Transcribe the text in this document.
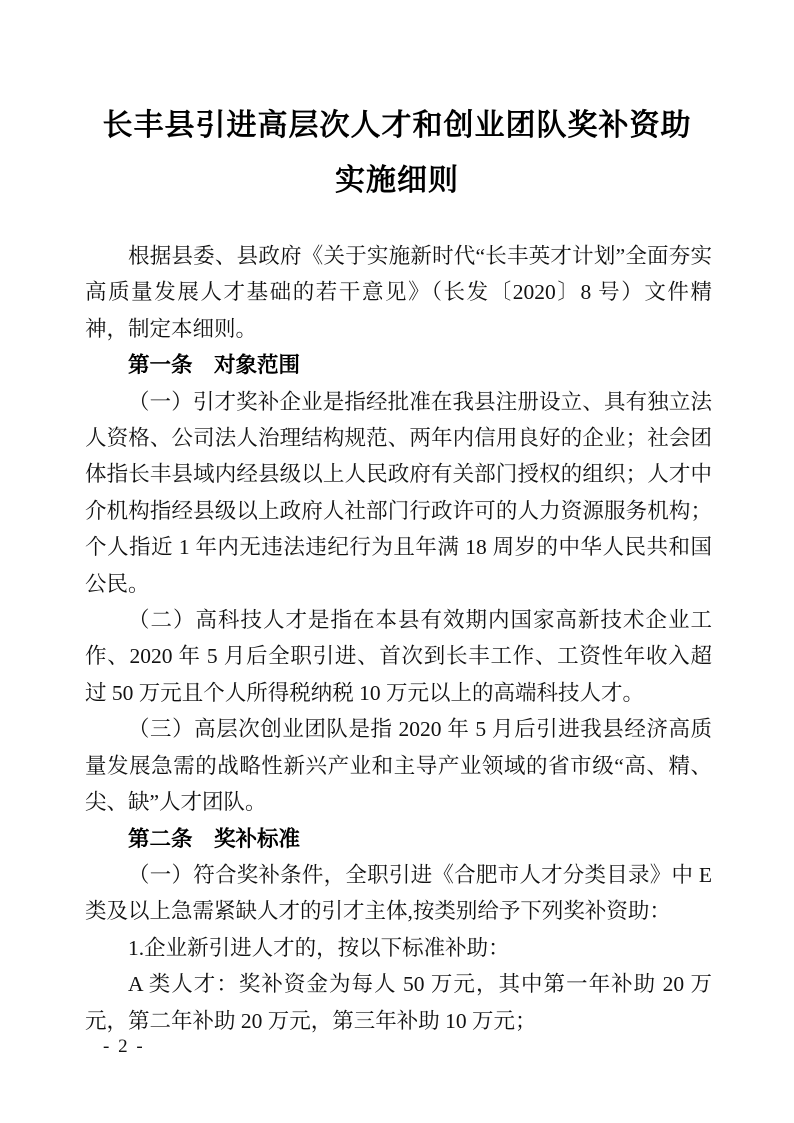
长丰县引进高层次人才和创业团队奖补资助
实施细则

根据县委、县政府《关于实施新时代“长丰英才计划”全面夯实高质量发展人才基础的若干意见》（长发〔2020〕8 号）文件精神，制定本细则。

第一条　对象范围

（一）引才奖补企业是指经批准在我县注册设立、具有独立法人资格、公司法人治理结构规范、两年内信用良好的企业；社会团体指长丰县域内经县级以上人民政府有关部门授权的组织；人才中介机构指经县级以上政府人社部门行政许可的人力资源服务机构；个人指近 1 年内无违法违纪行为且年满 18 周岁的中华人民共和国公民。

（二）高科技人才是指在本县有效期内国家高新技术企业工作、2020 年 5 月后全职引进、首次到长丰工作、工资性年收入超过 50 万元且个人所得税纳税 10 万元以上的高端科技人才。

（三）高层次创业团队是指 2020 年 5 月后引进我县经济高质量发展急需的战略性新兴产业和主导产业领域的省市级“高、精、尖、缺”人才团队。

第二条　奖补标准

（一）符合奖补条件，全职引进《合肥市人才分类目录》中 E 类及以上急需紧缺人才的引才主体,按类别给予下列奖补资助：

1.企业新引进人才的，按以下标准补助：

A 类人才：奖补资金为每人 50 万元，其中第一年补助 20 万元，第二年补助 20 万元，第三年补助 10 万元；

- 2 -
